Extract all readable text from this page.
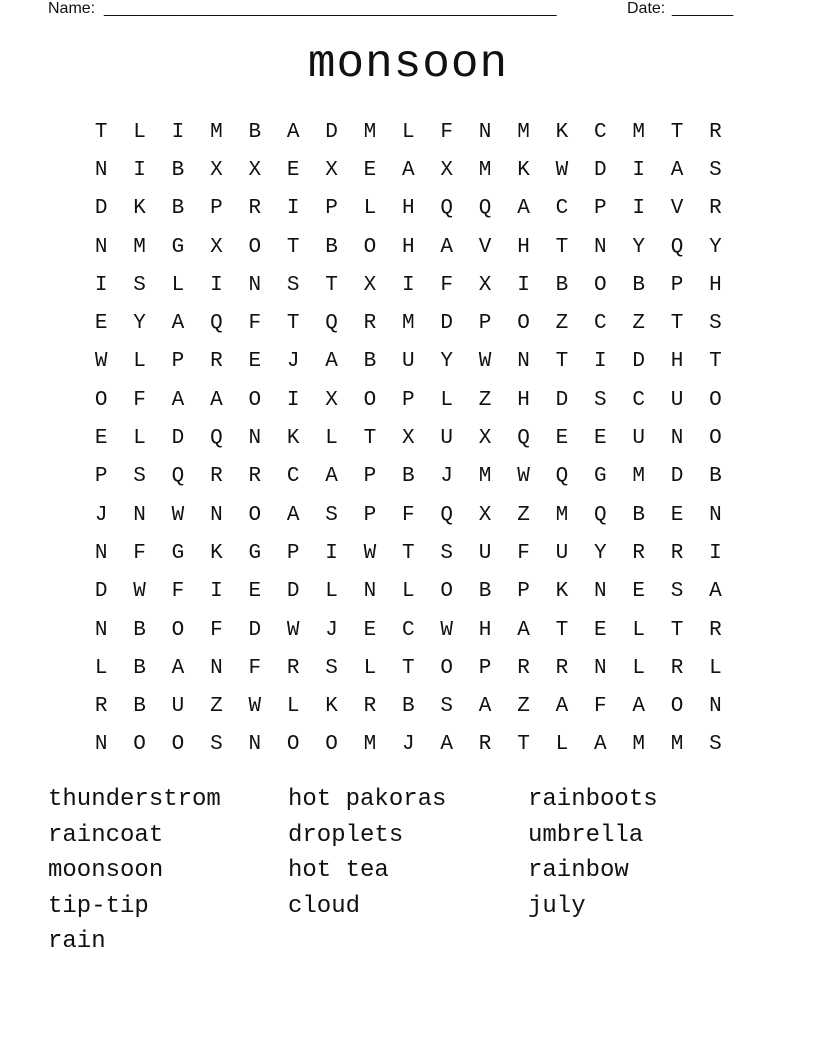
Name: ____________________________________________________	Date: _______
monsoon
T	L	I	M	B	A	D	M	L	F	N	M	K	C	M	T	R
N	I	B	X	X	E	X	E	A	X	M	K	W	D	I	A	S
D	K	B	P	R	I	P	L	H	Q	Q	A	C	P	I	V	R
N	M	G	X	O	T	B	O	H	A	V	H	T	N	Y	Q	Y
I	S	L	I	N	S	T	X	I	F	X	I	B	O	B	P	H
E	Y	A	Q	F	T	Q	R	M	D	P	O	Z	C	Z	T	S
W	L	P	R	E	J	A	B	U	Y	W	N	T	I	D	H	T
O	F	A	A	O	I	X	O	P	L	Z	H	D	S	C	U	O
E	L	D	Q	N	K	L	T	X	U	X	Q	E	E	U	N	O
P	S	Q	R	R	C	A	P	B	J	M	W	Q	G	M	D	B
J	N	W	N	O	A	S	P	F	Q	X	Z	M	Q	B	E	N
N	F	G	K	G	P	I	W	T	S	U	F	U	Y	R	R	I
D	W	F	I	E	D	L	N	L	O	B	P	K	N	E	S	A
N	B	O	F	D	W	J	E	C	W	H	A	T	E	L	T	R
L	B	A	N	F	R	S	L	T	O	P	R	R	N	L	R	L
R	B	U	Z	W	L	K	R	B	S	A	Z	A	F	A	O	N
N	O	O	S	N	O	O	M	J	A	R	T	L	A	M	M	S
thunderstrom	hot pakoras	rainboots
raincoat	droplets	umbrella
moonsoon	hot tea	rainbow
tip-tip	cloud	july
rain
